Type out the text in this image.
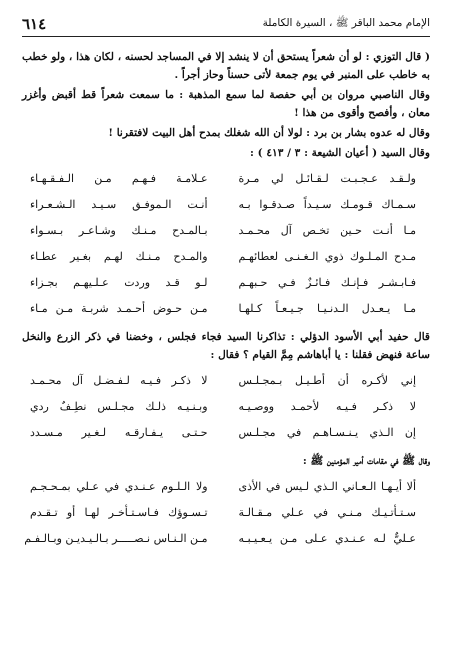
الإمام محمد الباقر ﷺ ، السيرة الكاملة
٦١٤

( قال التوزي : لو أن شعراً يستحق أن لا ينشد إلا في المساجد لحسنه ، لكان هذا ، ولو خطب به خاطب على المنبر في يوم جمعة لأتى حسناً وحاز أجراً .

وقال الناصبي مروان بن أبي حفصة لما سمع المذهبة : ما سمعت شعراً قط أقبض وأغزر معان ، وأفصح وأقوى من هذا !

وقال له عدوه بشار بن برد : لولا أن الله شغلك بمدح أهل البيت لافتقرنا !

وقال السيد ( أعيان الشيعة : ٣ / ٤١٣ ) :

ولـقـد عـجـبـت لـقـائـل لي مـرة
عـلامـة فـهـم مـن الـفـقـهـاء
سـمـاك قـومـك سـيـداً صـدقـوا بـه
أنـت الـموفـق سـيـد الـشـعـراء
مـا أنـت حـين تخـص آل محـمـد
بـالمـدح مـنـك وشـاعـر بـسـواء
مـدح المـلـوك ذوي الـغـنـى لعطائهـم
والمـدح مـنـك لهـم بغـير عطـاء
فـابـشـر فـإنـك فـائـزٌ فـي حـبهـم
لـو قـد وردت عـلـيهـم بجـزاء
مـا يـعـدل الـدنـيـا جـيـعـاً كـلهـا
مـن حـوض أحـمـد شربـة مـن مـاء

قال حفيد أبي الأسود الدؤلي : تذاكرنا السيد فجاء فجلس ، وخضنا في ذكر الزرع والنخل ساعة فنهض فقلنا : يا أباهاشم مِمَّ القيام ؟ فقال :

إني لأكـره أن أطـيـل بـمجـلـس
لا ذكـر فـيـه لـفـضـل آل محـمـد
لا ذكـر فـيـه لأحمـد ووصـيـه
وبـنـيـه ذلـك مجـلـس نطِـفٌ ردي
إن الـذي يـنـسـاهـم في مجـلـس
حـتـى يـفـارقـه لـغـير مـسـدد

وقال ﷺ في مقامات أمير المؤمنين ﷺ :

ألا أيـهـا الـعـاني الـذي لـيس في الأذى
ولا الـلـوم عـنـدي في عـلي بمـحـجـم
سـتـأتـيـك مـنـي في عـلي مـقـالـة
تـسـوؤك فـاسـتـأخـر لهـا أو تـقـدم
عـليٌّ لـه عـنـدي عـلى مـن يـعـيـبـه
مـن الـنـاس نـصـــــر بـالـيـديـن وبـالـفـم
